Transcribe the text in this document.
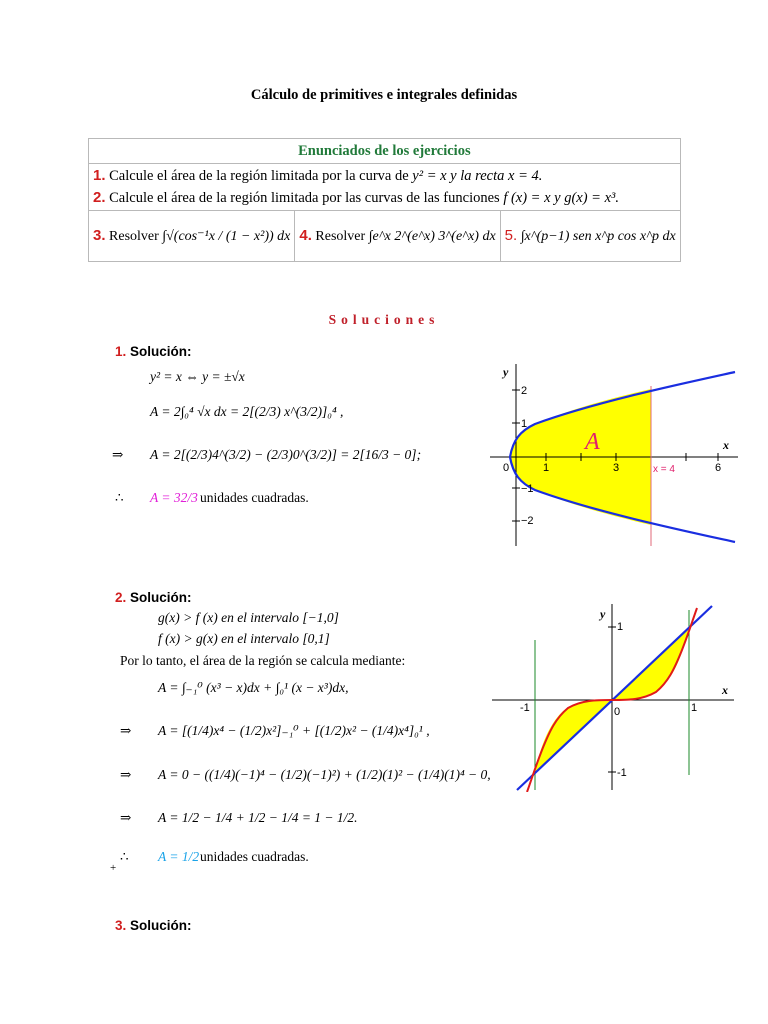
Cálculo de primitives e integrales definidas
Enunciados de los ejercicios

1. Calcule el área de la región limitada por la curva de y² = x y la recta x = 4.
2. Calcule el área de la región limitada por las curvas de las funciones f (x) = x y g(x) = x³.

3. Resolver ∫√(cos⁻¹x / (1 − x²)) dx	4. Resolver ∫e^x 2^(e^x) 3^(e^x) dx	5. ∫x^(p−1) sen x^p cos x^p dx
Soluciones
1. Solución:
y² = x ⇔ y = ±√x
A = 2∫₀⁴ √x dx = 2[(2/3) x^(3/2)]₀⁴ ,
⇒ A = 2[(2/3)4^(3/2) − (2/3)0^(3/2)] = 2[16/3 − 0];
∴ A = 32/3 unidades cuadradas.
y
x
A
x = 4
0	1	3	6
2
1
−1
−2
2. Solución:
g(x) > f (x) en el intervalo [−1,0]
f (x) > g(x) en el intervalo [0,1]
Por lo tanto, el área de la región se calcula mediante:
A = ∫₋₁⁰ (x³ − x)dx + ∫₀¹ (x − x³)dx,
⇒ A = [(1/4)x⁴ − (1/2)x²]₋₁⁰ + [(1/2)x² − (1/4)x⁴]₀¹ ,
⇒ A = 0 − ((1/4)(−1)⁴ − (1/2)(−1)²) + (1/2)(1)² − (1/4)(1)⁴ − 0,
⇒ A = 1/2 − 1/4 + 1/2 − 1/4 = 1 − 1/2.
∴ A = 1/2 unidades cuadradas.
+
y
x
-1	0	1
1
-1
3. Solución:
